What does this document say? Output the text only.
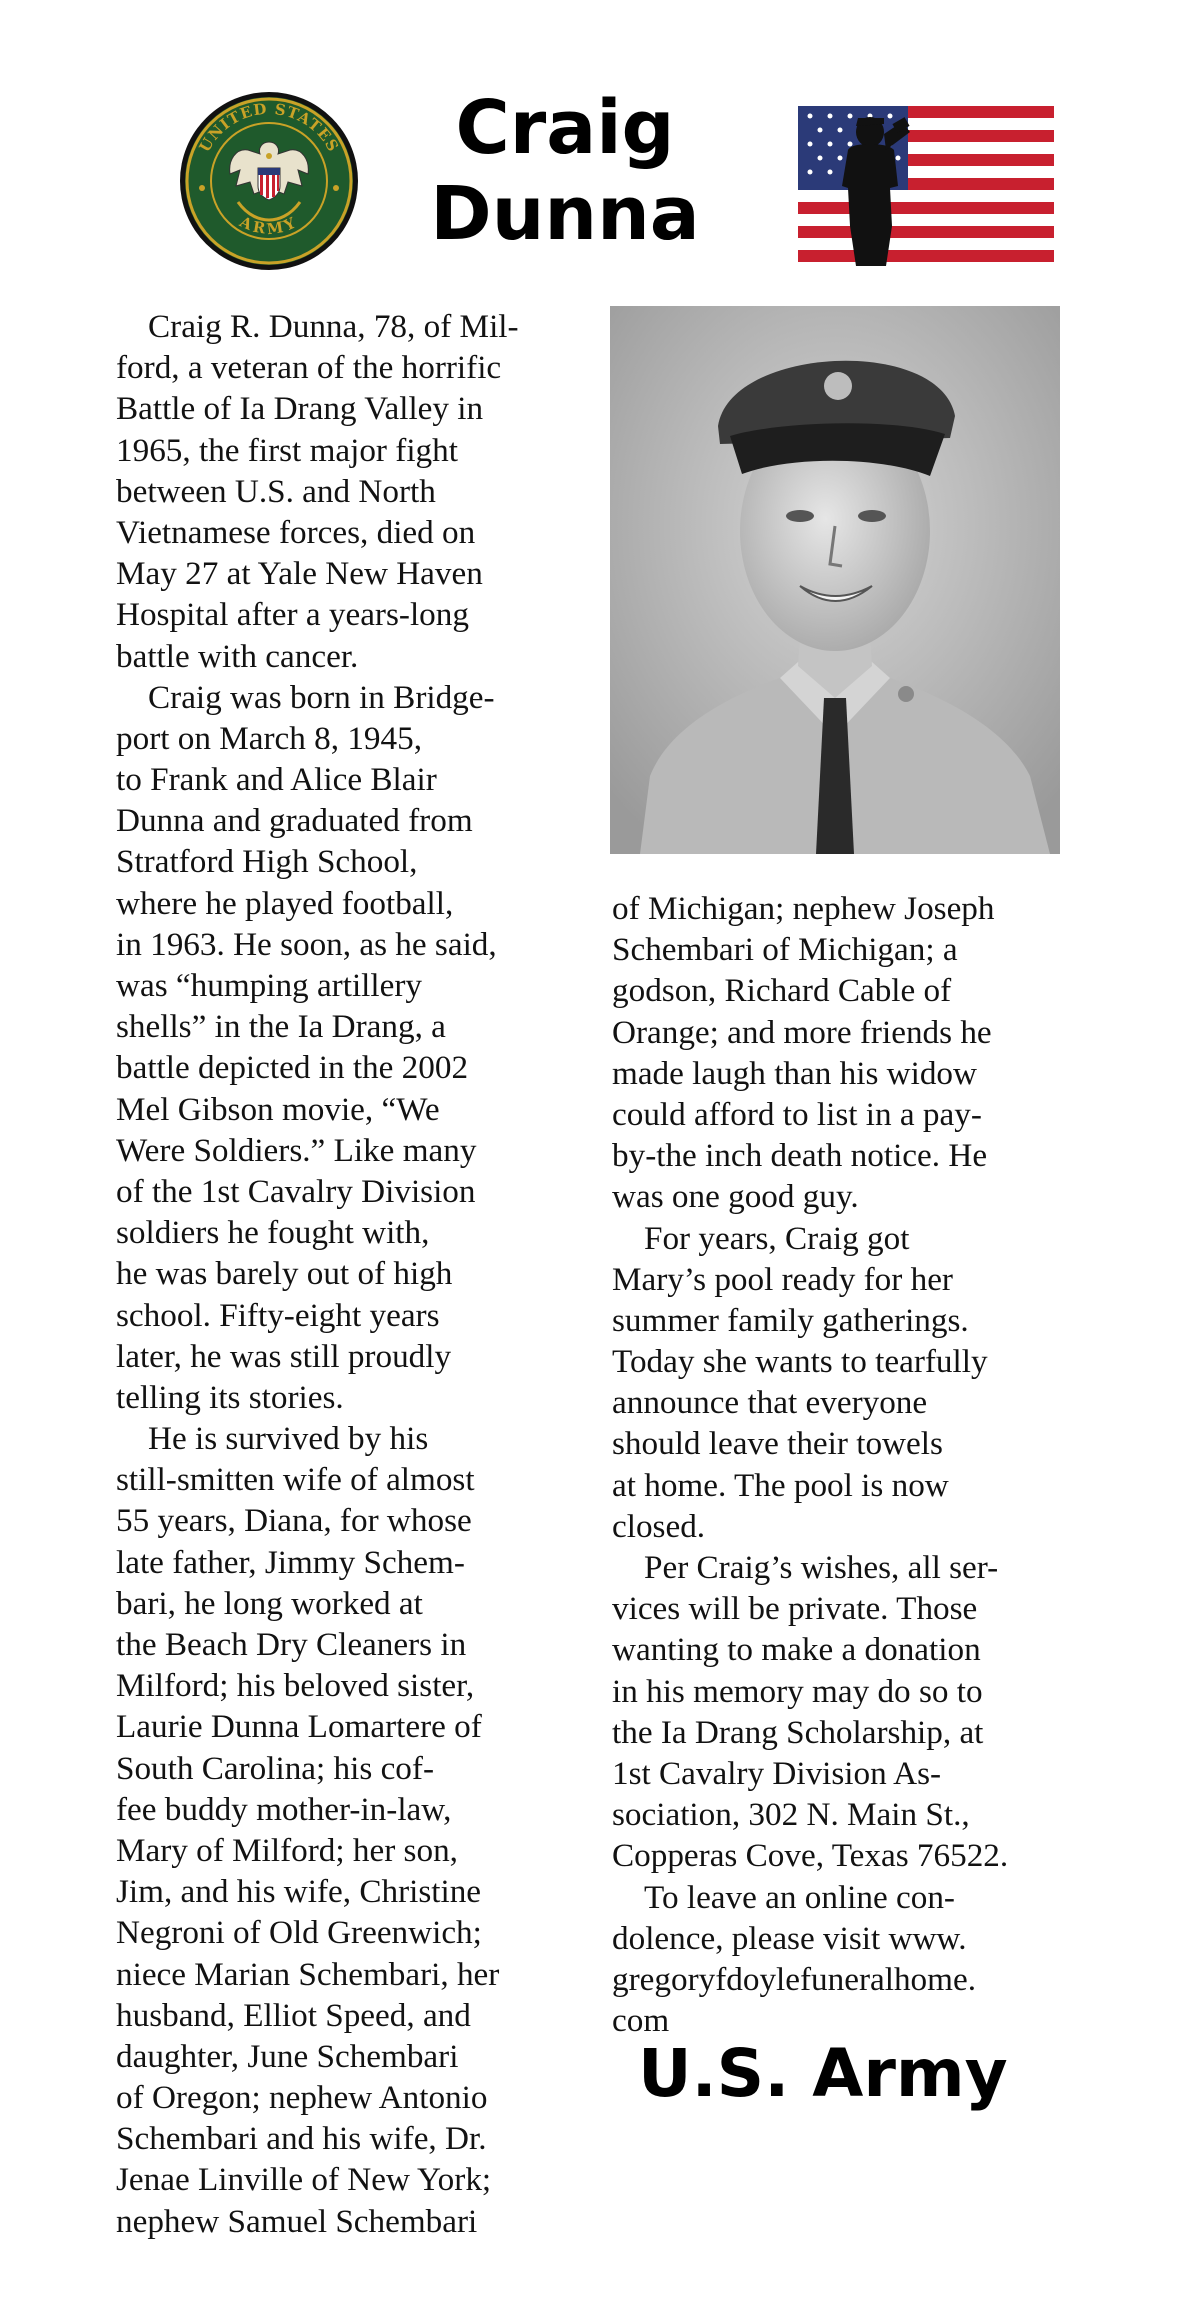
UNITED STATES
ARMY
Craig
Dunna
Craig R. Dunna, 78, of Mil-
ford, a veteran of the horrific
Battle of Ia Drang Valley in
1965, the first major fight
between U.S. and North
Vietnamese forces, died on
May 27 at Yale New Haven
Hospital after a years-long
battle with cancer.
Craig was born in Bridge-
port on March 8, 1945,
to Frank and Alice Blair
Dunna and graduated from
Stratford High School,
where he played football,
in 1963. He soon, as he said,
was “humping artillery
shells” in the Ia Drang, a
battle depicted in the 2002
Mel Gibson movie, “We
Were Soldiers.” Like many
of the 1st Cavalry Division
soldiers he fought with,
he was barely out of high
school. Fifty-eight years
later, he was still proudly
telling its stories.
He is survived by his
still-smitten wife of almost
55 years, Diana, for whose
late father, Jimmy Schem-
bari, he long worked at
the Beach Dry Cleaners in
Milford; his beloved sister,
Laurie Dunna Lomartere of
South Carolina; his cof-
fee buddy mother-in-law,
Mary of Milford; her son,
Jim, and his wife, Christine
Negroni of Old Greenwich;
niece Marian Schembari, her
husband, Elliot Speed, and
daughter, June Schembari
of Oregon; nephew Antonio
Schembari and his wife, Dr.
Jenae Linville of New York;
nephew Samuel Schembari
of Michigan; nephew Joseph
Schembari of Michigan; a
godson, Richard Cable of
Orange; and more friends he
made laugh than his widow
could afford to list in a pay-
by-the inch death notice. He
was one good guy.
For years, Craig got
Mary’s pool ready for her
summer family gatherings.
Today she wants to tearfully
announce that everyone
should leave their towels
at home. The pool is now
closed.
Per Craig’s wishes, all ser-
vices will be private. Those
wanting to make a donation
in his memory may do so to
the Ia Drang Scholarship, at
1st Cavalry Division As-
sociation, 302 N. Main St.,
Copperas Cove, Texas 76522.
To leave an online con-
dolence, please visit www.
gregoryfdoylefuneralhome.
com
U.S. Army
